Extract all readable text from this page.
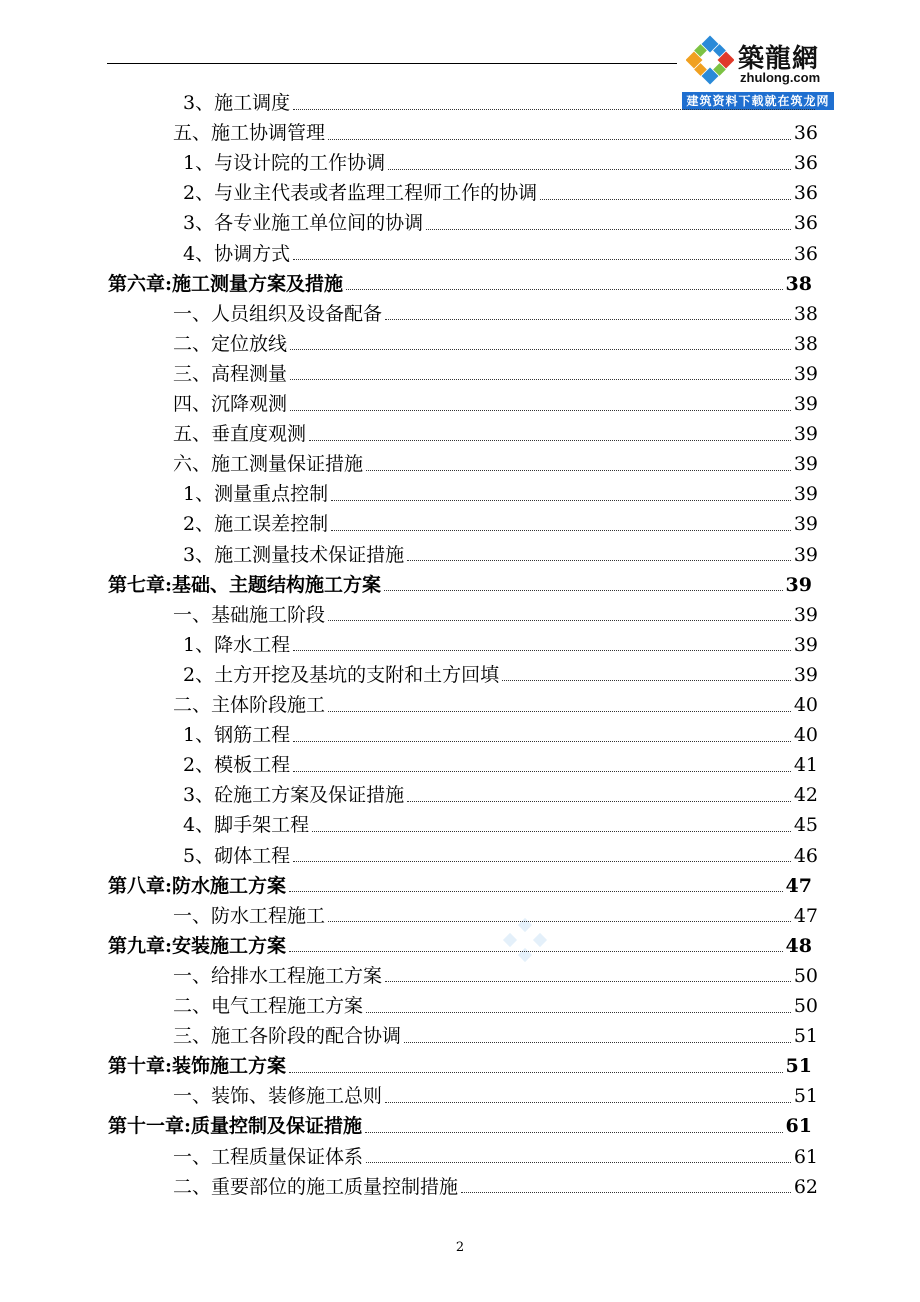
築龍網
zhulong.com
建筑资料下载就在筑龙网
3、 施工调度
五、 施工协调管理	36
1、 与设计院的工作协调	36
2、 与业主代表或者监理工程师工作的协调	36
3、 各专业施工单位间的协调	36
4、 协调方式	36
第六章: 施工测量方案及措施	38
一、 人员组织及设备配备	38
二、 定位放线	38
三、 高程测量	39
四、 沉降观测	39
五、 垂直度观测	39
六、 施工测量保证措施	39
1、 测量重点控制	39
2、 施工误差控制	39
3、 施工测量技术保证措施	39
第七章: 基础、主题结构施工方案	39
一、 基础施工阶段	39
1、 降水工程	39
2、 土方开挖及基坑的支附和土方回填	39
二、 主体阶段施工	40
1、 钢筋工程	40
2、 模板工程	41
3、 砼施工方案及保证措施	42
4、 脚手架工程	45
5、 砌体工程	46
第八章: 防水施工方案	47
一、 防水工程施工	47
第九章: 安装施工方案	48
一、 给排水工程施工方案	50
二、 电气工程施工方案	50
三、 施工各阶段的配合协调	51
第十章: 装饰施工方案	51
一、 装饰、装修施工总则	51
第十一章: 质量控制及保证措施	61
一、 工程质量保证体系	61
二、 重要部位的施工质量控制措施	62
2
